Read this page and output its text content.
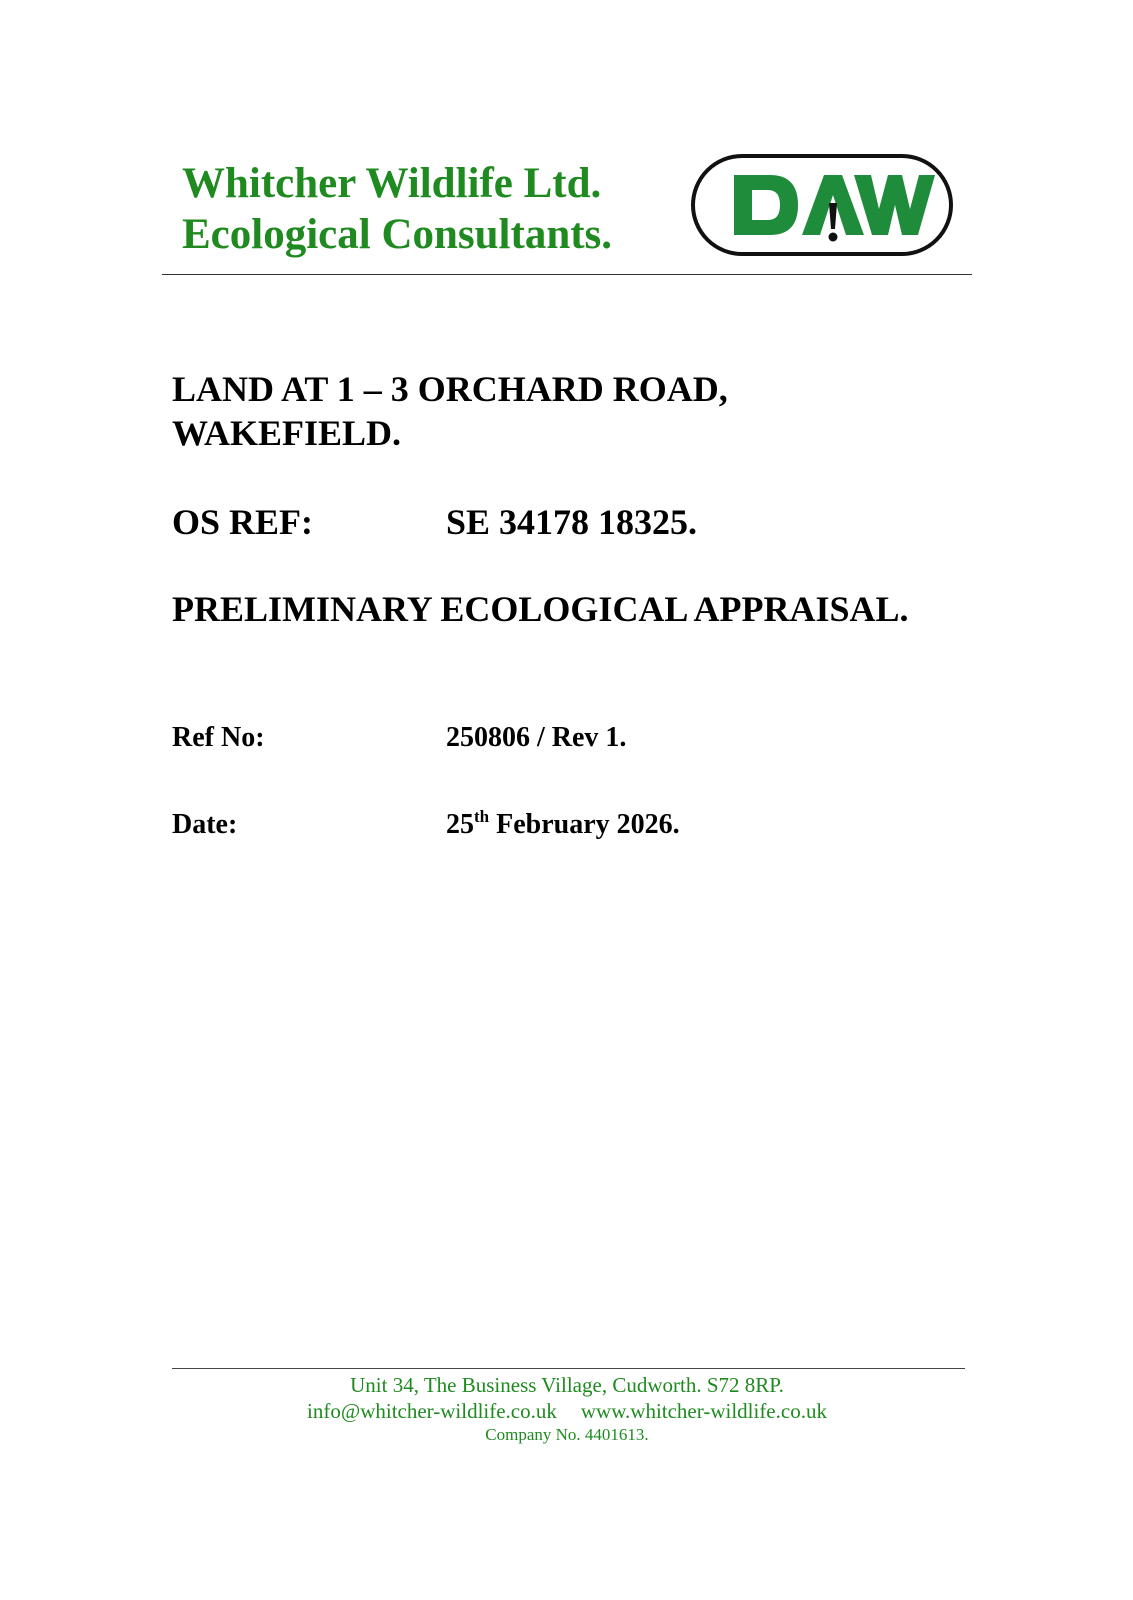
Whitcher Wildlife Ltd.
Ecological Consultants.
LAND AT 1 – 3 ORCHARD ROAD,
WAKEFIELD.
OS REF:	SE 34178 18325.
PRELIMINARY ECOLOGICAL APPRAISAL.
Ref No:	250806 / Rev 1.
Date:	25th February 2026.
Unit 34, The Business Village, Cudworth. S72 8RP.
info@whitcher-wildlife.co.uk www.whitcher-wildlife.co.uk
Company No. 4401613.
